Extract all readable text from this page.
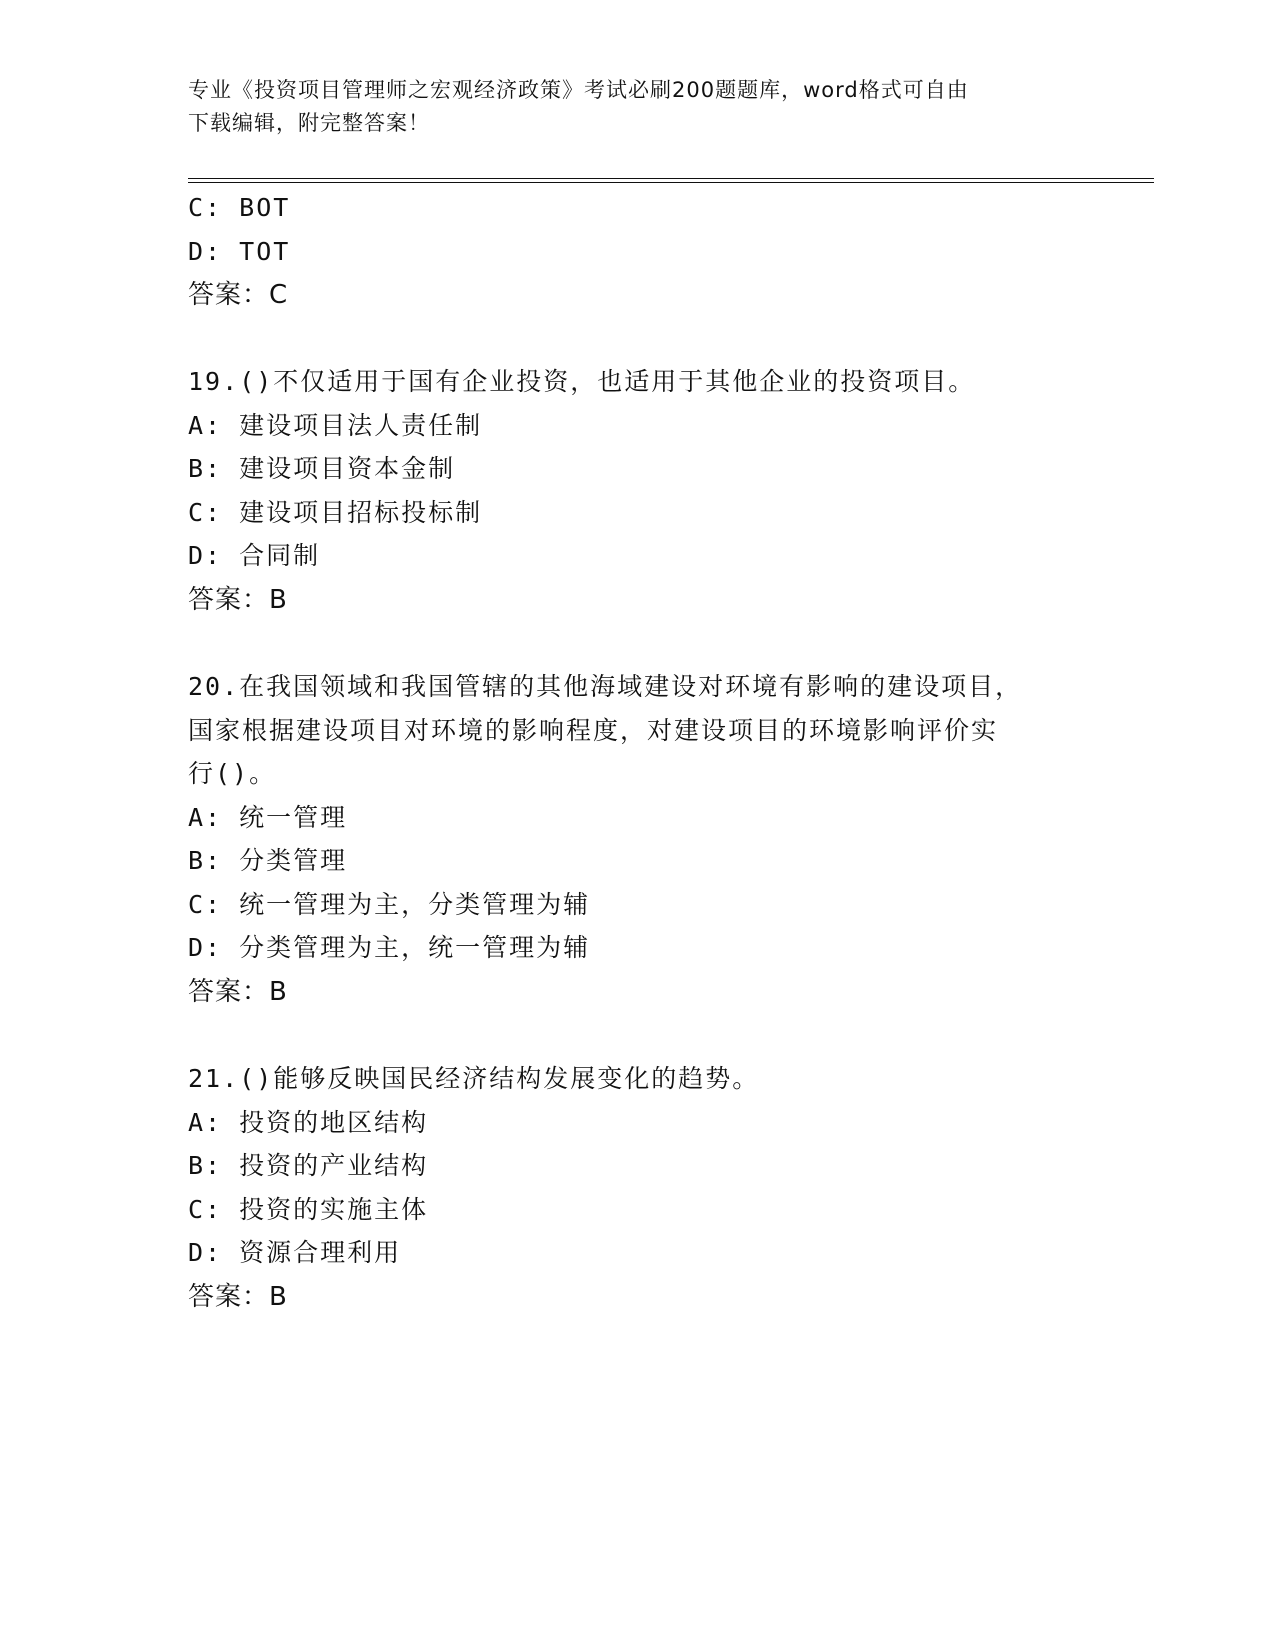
专业《投资项目管理师之宏观经济政策》考试必刷200题题库，word格式可自由
下载编辑，附完整答案！
C: BOT
D: TOT
答案：C
19.()不仅适用于国有企业投资，也适用于其他企业的投资项目。
A: 建设项目法人责任制
B: 建设项目资本金制
C: 建设项目招标投标制
D: 合同制
答案：B
20.在我国领域和我国管辖的其他海域建设对环境有影响的建设项目，
国家根据建设项目对环境的影响程度，对建设项目的环境影响评价实
行()。
A: 统一管理
B: 分类管理
C: 统一管理为主，分类管理为辅
D: 分类管理为主，统一管理为辅
答案：B
21.()能够反映国民经济结构发展变化的趋势。
A: 投资的地区结构
B: 投资的产业结构
C: 投资的实施主体
D: 资源合理利用
答案：B
